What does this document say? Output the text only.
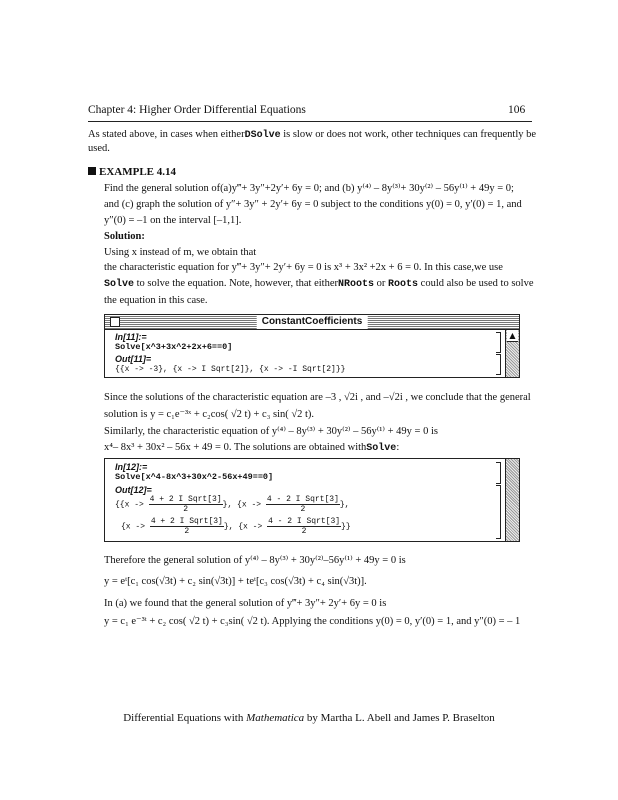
Chapter 4: Higher Order Differential Equations	106
As stated above, in cases when eitherDSolve is slow or does not work, other techniques can frequently be
used.
EXAMPLE 4.14
Find the general solution of(a)y‴+ 3y″+2y′+ 6y = 0; and (b) y⁽⁴⁾ – 8y⁽³⁾+ 30y⁽²⁾ – 56y⁽¹⁾ + 49y = 0;
and (c) graph the solution of y″+ 3y″ + 2y′+ 6y = 0 subject to the conditions y(0) = 0, y′(0) = 1, and
y″(0) = –1 on the interval [–1,1].
Solution:
Using x instead of m, we obtain that
the characteristic equation for y‴+ 3y″+ 2y′+ 6y = 0 is x³ + 3x² +2x + 6 = 0. In this case,we use
Solve to solve the equation. Note, however, that eitherNRoots or Roots could also be used to solve
the equation in this case.
ConstantCoefficients
▲
In[11]:=
Solve[x^3+3x^2+2x+6==0]
Out[11]=
{{x -> -3}, {x -> I Sqrt[2]}, {x -> -I Sqrt[2]}}
Since the solutions of the characteristic equation are –3 , √2i , and –√2i , we conclude that the general
solution is y = c₁e⁻³ˣ + c₂cos( √2 t) + c₃ sin( √2 t).
Similarly, the characteristic equation of y⁽⁴⁾ – 8y⁽³⁾ + 30y⁽²⁾ – 56y⁽¹⁾ + 49y = 0 is
x⁴– 8x³ + 30x² – 56x + 49 = 0. The solutions are obtained withSolve:
In[12]:=
Solve[x^4-8x^3+30x^2-56x+49==0]
Out[12]=
{{$x -> \frac{\text{4 + 2 I Sqrt[3]}}{2}$ }, {$x -> \frac{\text{4 - 2 I Sqrt[3]}}{2}$ },
{$x -> \frac{\text{4 + 2 I Sqrt[3]}}{2}$ }, {$x -> \frac{\text{4 - 2 I Sqrt[3]}}{2}$ }}
Therefore the general solution of y⁽⁴⁾ – 8y⁽³⁾ + 30y⁽²⁾–56y⁽¹⁾ + 49y = 0 is
y = eᵗ[c₁ cos(√3t) + c₂ sin(√3t)] + teᵗ[c₃ cos(√3t) + c₄ sin(√3t)].
In (a) we found that the general solution of y‴+ 3y″+ 2y′+ 6y = 0 is
y = c₁ e⁻³ᵗ + c₂ cos( √2 t) + c₃sin( √2 t). Applying the conditions y(0) = 0, y′(0) = 1, and y″(0) = – 1
Differential Equations with Mathematica by Martha L. Abell and James P. Braselton
